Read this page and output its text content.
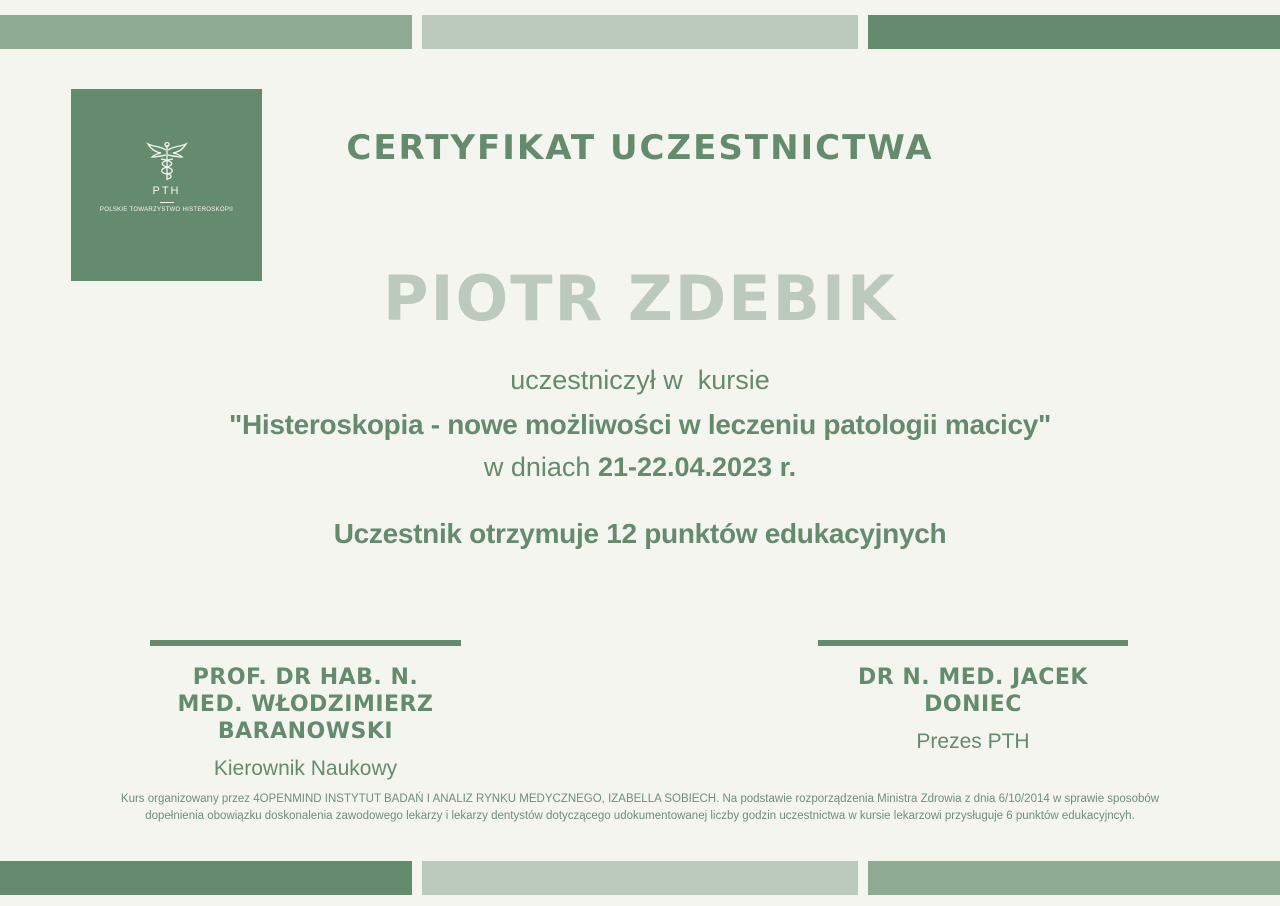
PTH
POLSKIE TOWARZYSTWO HISTEROSKOPII
CERTYFIKAT UCZESTNICTWA
PIOTR ZDEBIK
uczestniczył w  kursie
"Histeroskopia - nowe możliwości w leczeniu patologii macicy"
w dniach 21-22.04.2023 r.
Uczestnik otrzymuje 12 punktów edukacyjnych
PROF. DR HAB. N. MED. WŁODZIMIERZ BARANOWSKI
Kierownik Naukowy
DR N. MED. JACEK DONIEC
Prezes PTH
Kurs organizowany przez 4OPENMIND INSTYTUT BADAŃ I ANALIZ RYNKU MEDYCZNEGO, IZABELLA SOBIECH. Na podstawie rozporządzenia Ministra Zdrowia z dnia 6/10/2014 w sprawie sposobów
dopełnienia obowiązku doskonalenia zawodowego lekarzy i lekarzy dentystów dotyczącego udokumentowanej liczby godzin uczestnictwa w kursie lekarzowi przysługuje 6 punktów edukacyjncyh.
